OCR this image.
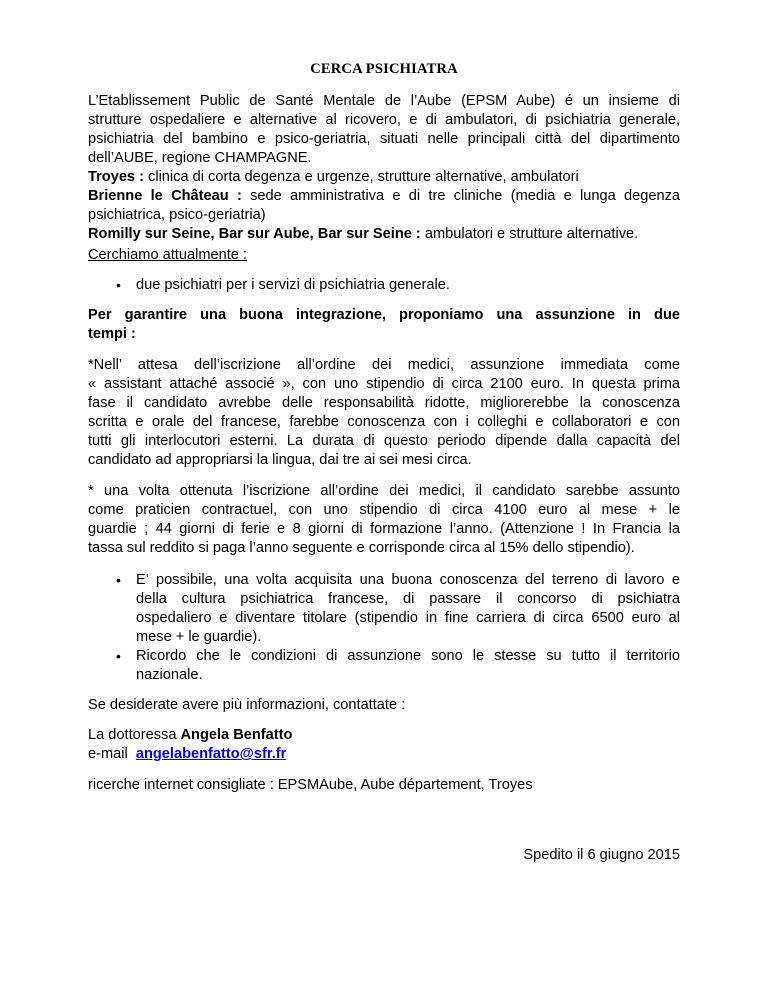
CERCA PSICHIATRA
L’Etablissement Public de Santé Mentale de l’Aube (EPSM Aube) é un insieme di
strutture ospedaliere e alternative al ricovero, e di ambulatori, di psichiatria generale,
psichiatria del bambino e psico-geriatria, situati nelle principali città del dipartimento
dell’AUBE, regione CHAMPAGNE.
Troyes : clinica di corta degenza e urgenze, strutture alternative, ambulatori
Brienne le Château : sede amministrativa e di tre cliniche (media e lunga degenza
psichiatrica, psico-geriatria)
Romilly sur Seine, Bar sur Aube, Bar sur Seine : ambulatori e strutture alternative.
Cerchiamo attualmente :
• due psichiatri per i servizi di psichiatria generale.
Per garantire una buona integrazione, proponiamo una assunzione in due
tempi :
*Nell’ attesa dell’iscrizione all’ordine dei medici, assunzione immediata come
« assistant attaché associé », con uno stipendio di circa 2100 euro. In questa prima
fase il candidato avrebbe delle responsabilità ridotte, migliorerebbe la conoscenza
scritta e orale del francese, farebbe conoscenza con i colleghi e collaboratori e con
tutti gli interlocutori esterni. La durata di questo periodo dipende dalla capacità del
candidato ad appropriarsi la lingua, dai tre ai sei mesi circa.
* una volta ottenuta l’iscrizione all’ordine dei medici, il candidato sarebbe assunto
come praticien contractuel, con uno stipendio di circa 4100 euro al mese + le
guardie ; 44 giorni di ferie e 8 giorni di formazione l’anno. (Attenzione ! In Francia la
tassa sul reddito si paga l’anno seguente e corrisponde circa al 15% dello stipendio).
• E’ possibile, una volta acquisita una buona conoscenza del terreno di lavoro e
della cultura psichiatrica francese, di passare il concorso di psichiatra
ospedaliero e diventare titolare (stipendio in fine carriera di circa 6500 euro al
mese + le guardie).
• Ricordo che le condizioni di assunzione sono le stesse su tutto il territorio
nazionale.
Se desiderate avere più informazioni, contattate :
La dottoressa Angela Benfatto
e-mail  angelabenfatto@sfr.fr
ricerche internet consigliate : EPSMAube, Aube département, Troyes
Spedito il 6 giugno 2015
